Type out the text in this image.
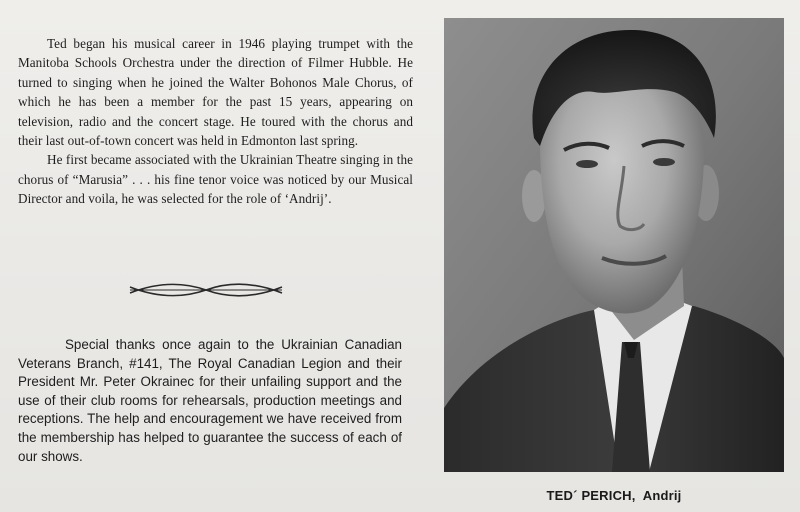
Ted began his musical career in 1946 playing trumpet with the Manitoba Schools Orchestra under the direction of Filmer Hubble. He turned to singing when he joined the Walter Bohonos Male Chorus, of which he has been a member for the past 15 years, appearing on television, radio and the concert stage. He toured with the chorus and their last out-of-town concert was held in Edmonton last spring.

He first became associated with the Ukrainian Theatre singing in the chorus of “Marusia” . . . his fine tenor voice was noticed by our Musical Director and voila, he was selected for the role of ‘Andrij’.

Special thanks once again to the Ukrainian Canadian Veterans Branch, #141, The Royal Canadian Legion and their President Mr. Peter Okrainec for their unfailing support and the use of their club rooms for rehearsals, production meetings and receptions. The help and encouragement we have received from the membership has helped to guarantee the success of each of our shows.

TED´ PERICH, Andrij
